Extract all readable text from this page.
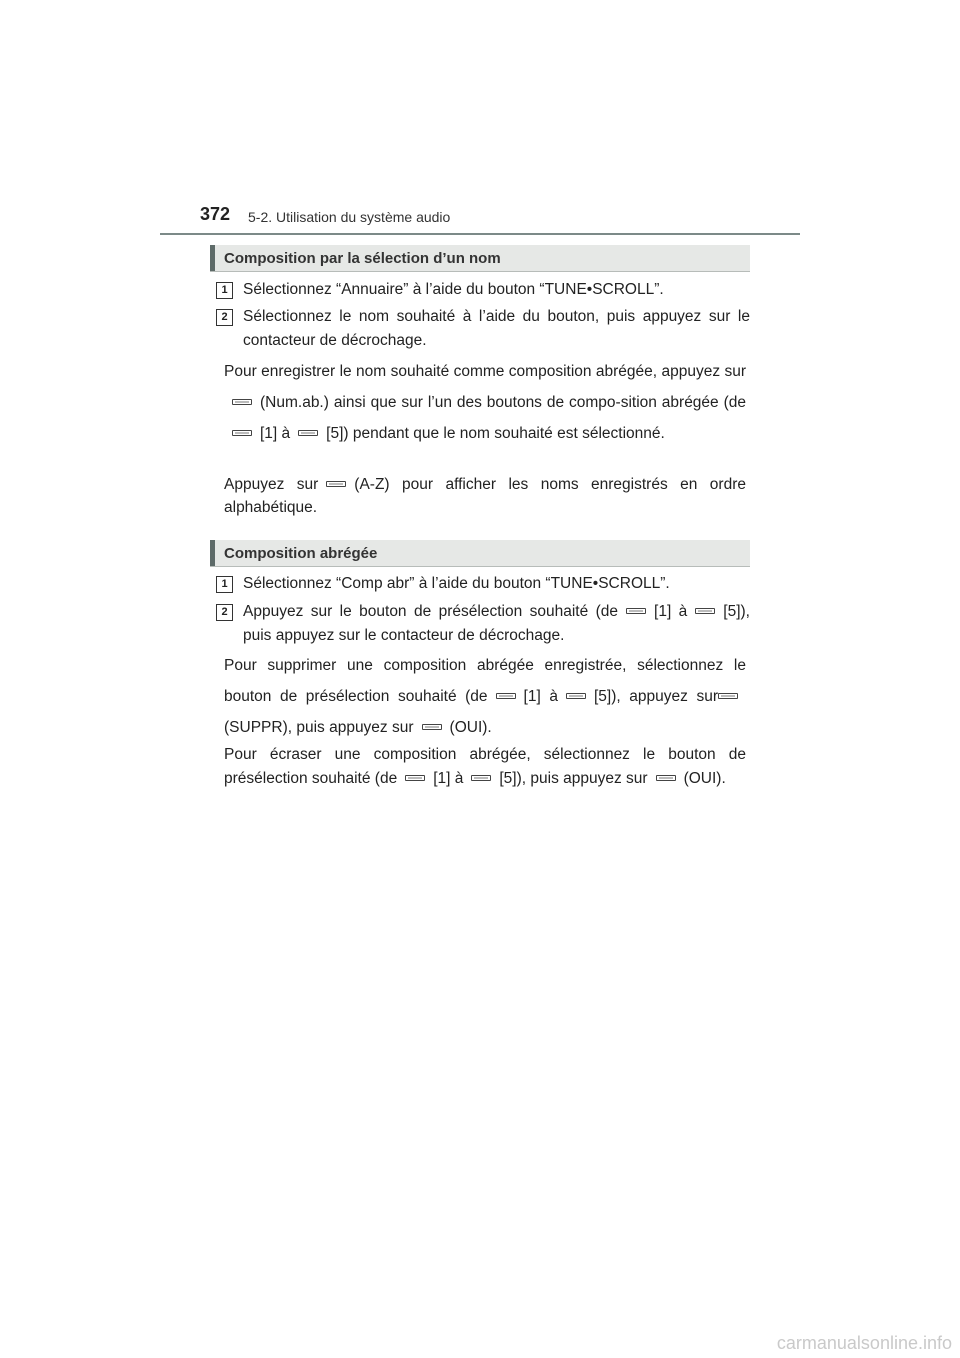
372 5-2. Utilisation du système audio
Composition par la sélection d’un nom
1 Sélectionnez “Annuaire” à l’aide du bouton “TUNE•SCROLL”.
2 Sélectionnez le nom souhaité à l’aide du bouton, puis appuyez sur le contacteur de décrochage.
Pour enregistrer le nom souhaité comme composition abrégée, appuyez sur(Num.ab.) ainsi que sur l’un des boutons de compo-sition abrégée (de[1] à [5]) pendant que le nom souhaité est sélectionné.
Appuyez sur (A-Z) pour afficher les noms enregistrés en ordre alphabétique.
Composition abrégée
1 Sélectionnez “Comp abr” à l’aide du bouton “TUNE•SCROLL”.
2 Appuyez sur le bouton de présélection souhaité (de [1] à [5]), puis appuyez sur le contacteur de décrochage.
Pour supprimer une composition abrégée enregistrée, sélectionnez le bouton de présélection souhaité (de [1] à [5]), appuyez sur(SUPPR), puis appuyez sur (OUI).
Pour écraser une composition abrégée, sélectionnez le bouton de présélection souhaité (de [1] à [5]), puis appuyez sur (OUI).
carmanualsonline.info
